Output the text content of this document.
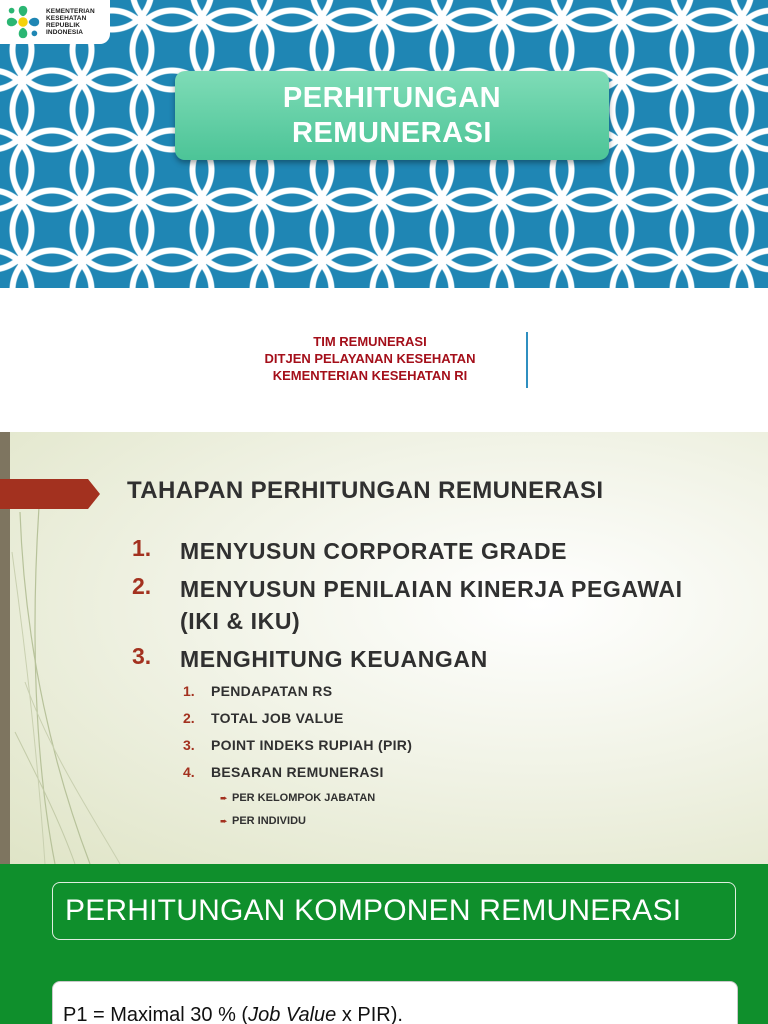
KEMENTERIAN
KESEHATAN
REPUBLIK
INDONESIA
PERHITUNGAN
REMUNERASI
TIM REMUNERASI
DITJEN PELAYANAN KESEHATAN
KEMENTERIAN KESEHATAN RI
TAHAPAN PERHITUNGAN REMUNERASI
1.	MENYUSUN CORPORATE GRADE
2.	MENYUSUN PENILAIAN KINERJA PEGAWAI (IKI & IKU)
3.	MENGHITUNG KEUANGAN
1. PENDAPATAN RS
2. TOTAL JOB VALUE
3. POINT INDEKS RUPIAH (PIR)
4. BESARAN REMUNERASI
➨ PER KELOMPOK JABATAN
➨ PER INDIVIDU
PERHITUNGAN KOMPONEN REMUNERASI
P1 = Maximal 30 % (Job Value x PIR).
